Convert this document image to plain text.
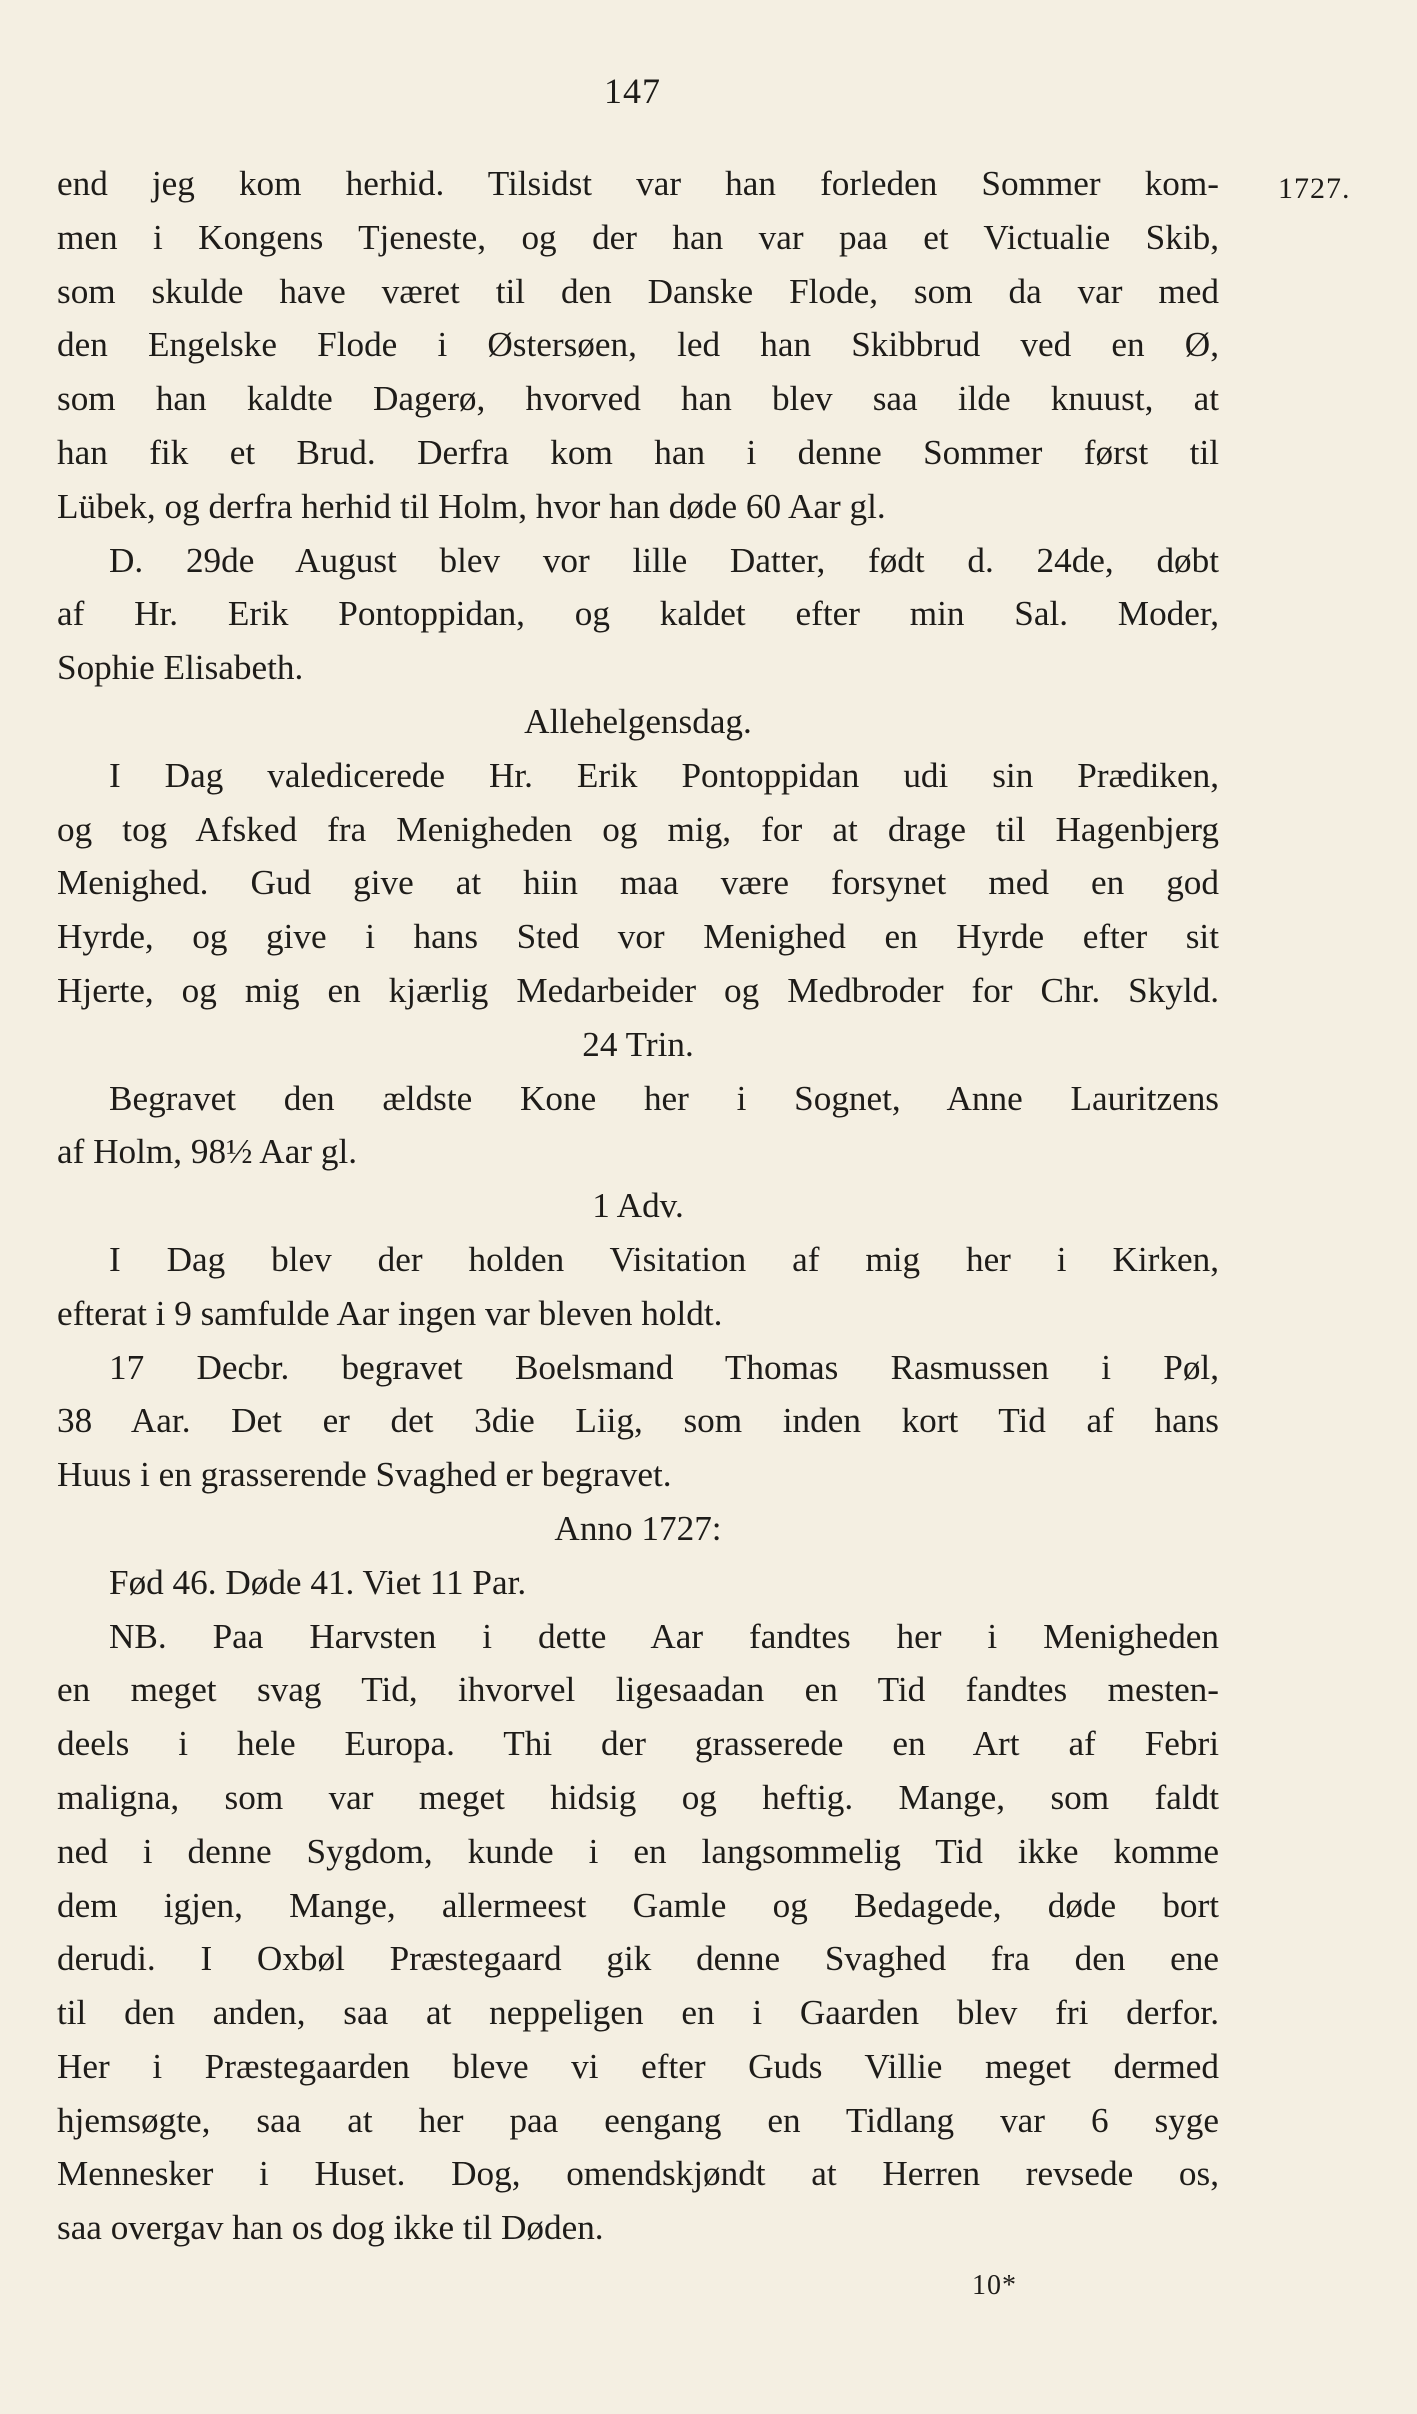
147
1727.
end jeg kom herhid. Tilsidst var han forleden Sommer kom-
men i Kongens Tjeneste, og der han var paa et Victualie Skib,
som skulde have været til den Danske Flode, som da var med
den Engelske Flode i Østersøen, led han Skibbrud ved en Ø,
som han kaldte Dagerø, hvorved han blev saa ilde knuust, at
han fik et Brud. Derfra kom han i denne Sommer først til
Lübek, og derfra herhid til Holm, hvor han døde 60 Aar gl.
D. 29de August blev vor lille Datter, født d. 24de, døbt
af Hr. Erik Pontoppidan, og kaldet efter min Sal. Moder,
Sophie Elisabeth.
Allehelgensdag.
I Dag valedicerede Hr. Erik Pontoppidan udi sin Prædiken,
og tog Afsked fra Menigheden og mig, for at drage til Hagenbjerg
Menighed. Gud give at hiin maa være forsynet med en god
Hyrde, og give i hans Sted vor Menighed en Hyrde efter sit
Hjerte, og mig en kjærlig Medarbeider og Medbroder for Chr. Skyld.
24 Trin.
Begravet den ældste Kone her i Sognet, Anne Lauritzens
af Holm, 98½ Aar gl.
1 Adv.
I Dag blev der holden Visitation af mig her i Kirken,
efterat i 9 samfulde Aar ingen var bleven holdt.
17 Decbr. begravet Boelsmand Thomas Rasmussen i Pøl,
38 Aar. Det er det 3die Liig, som inden kort Tid af hans
Huus i en grasserende Svaghed er begravet.
Anno 1727:
Fød 46. Døde 41. Viet 11 Par.
NB. Paa Harvsten i dette Aar fandtes her i Menigheden
en meget svag Tid, ihvorvel ligesaadan en Tid fandtes mesten-
deels i hele Europa. Thi der grasserede en Art af Febri
maligna, som var meget hidsig og heftig. Mange, som faldt
ned i denne Sygdom, kunde i en langsommelig Tid ikke komme
dem igjen, Mange, allermeest Gamle og Bedagede, døde bort
derudi. I Oxbøl Præstegaard gik denne Svaghed fra den ene
til den anden, saa at neppeligen en i Gaarden blev fri derfor.
Her i Præstegaarden bleve vi efter Guds Villie meget dermed
hjemsøgte, saa at her paa eengang en Tidlang var 6 syge
Mennesker i Huset. Dog, omendskjøndt at Herren revsede os,
saa overgav han os dog ikke til Døden.
10*
